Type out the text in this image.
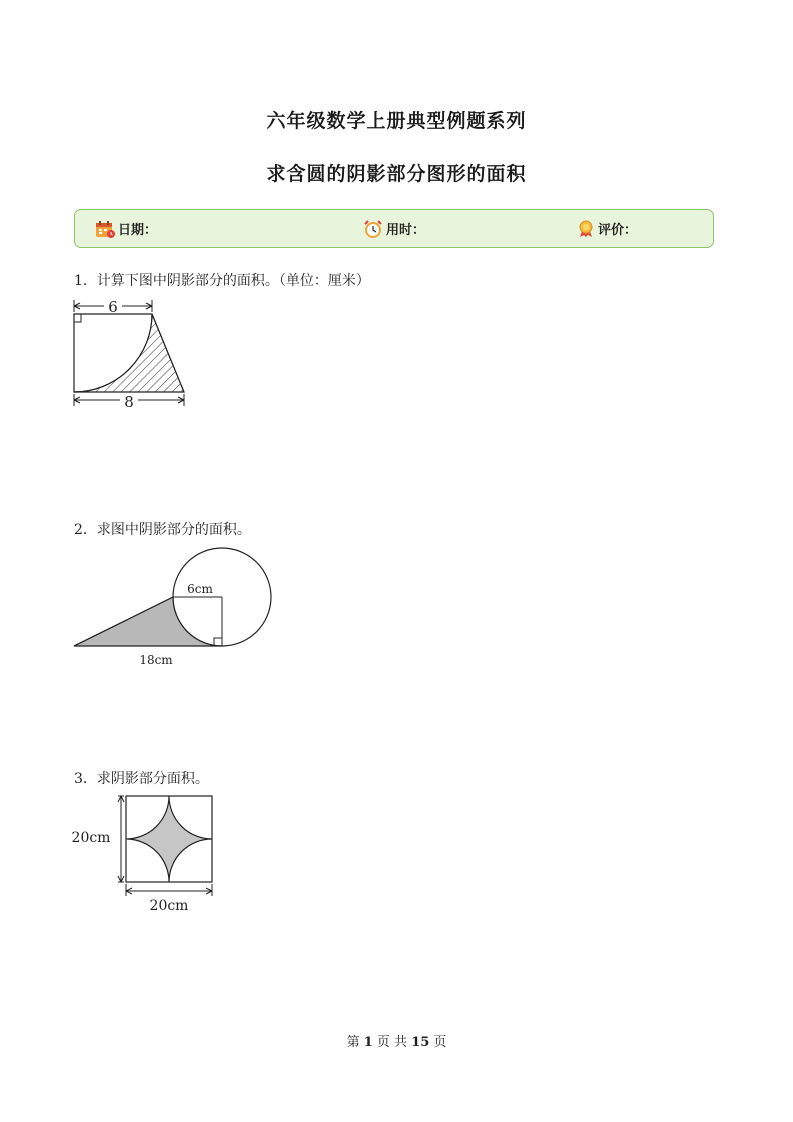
六年级数学上册典型例题系列
求含圆的阴影部分图形的面积
日期：	用时：	评价：
1．计算下图中阴影部分的面积。（单位：厘米）
6
8
2．求图中阴影部分的面积。
6cm
18cm
3．求阴影部分面积。
20cm
20cm
第 1 页 共 15 页
